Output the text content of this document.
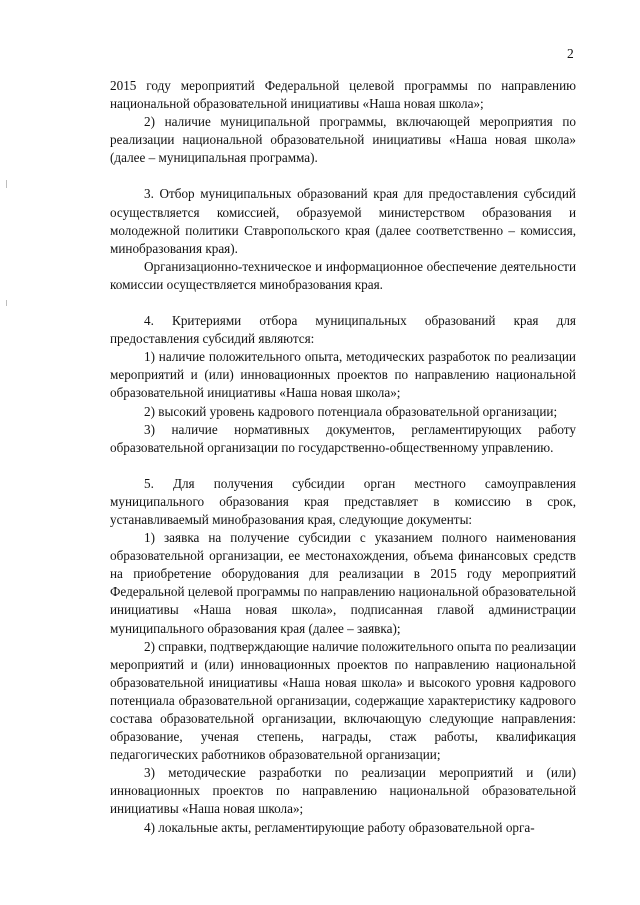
2

2015 году мероприятий Федеральной целевой программы по направлению национальной образовательной инициативы «Наша новая школа»;

2) наличие муниципальной программы, включающей мероприятия по реализации национальной образовательной инициативы «Наша новая школа» (далее – муниципальная программа).

3. Отбор муниципальных образований края для предоставления субсидий осуществляется комиссией, образуемой министерством образования и молодежной политики Ставропольского края (далее соответственно – комиссия, минобразования края).

Организационно-техническое и информационное обеспечение деятельности комиссии осуществляется минобразования края.

4. Критериями отбора муниципальных образований края для предоставления субсидий являются:

1) наличие положительного опыта, методических разработок по реализации мероприятий и (или) инновационных проектов по направлению национальной образовательной инициативы «Наша новая школа»;

2) высокий уровень кадрового потенциала образовательной организации;

3) наличие нормативных документов, регламентирующих работу образовательной организации по государственно-общественному управлению.

5. Для получения субсидии орган местного самоуправления муниципального образования края представляет в комиссию в срок, устанавливаемый минобразования края, следующие документы:

1) заявка на получение субсидии с указанием полного наименования образовательной организации, ее местонахождения, объема финансовых средств на приобретение оборудования для реализации в 2015 году мероприятий Федеральной целевой программы по направлению национальной образовательной инициативы «Наша новая школа», подписанная главой администрации муниципального образования края (далее – заявка);

2) справки, подтверждающие наличие положительного опыта по реализации мероприятий и (или) инновационных проектов по направлению национальной образовательной инициативы «Наша новая школа» и высокого уровня кадрового потенциала образовательной организации, содержащие характеристику кадрового состава образовательной организации, включающую следующие направления: образование, ученая степень, награды, стаж работы, квалификация педагогических работников образовательной организации;

3) методические разработки по реализации мероприятий и (или) инновационных проектов по направлению национальной образовательной инициативы «Наша новая школа»;

4) локальные акты, регламентирующие работу образовательной орга-
